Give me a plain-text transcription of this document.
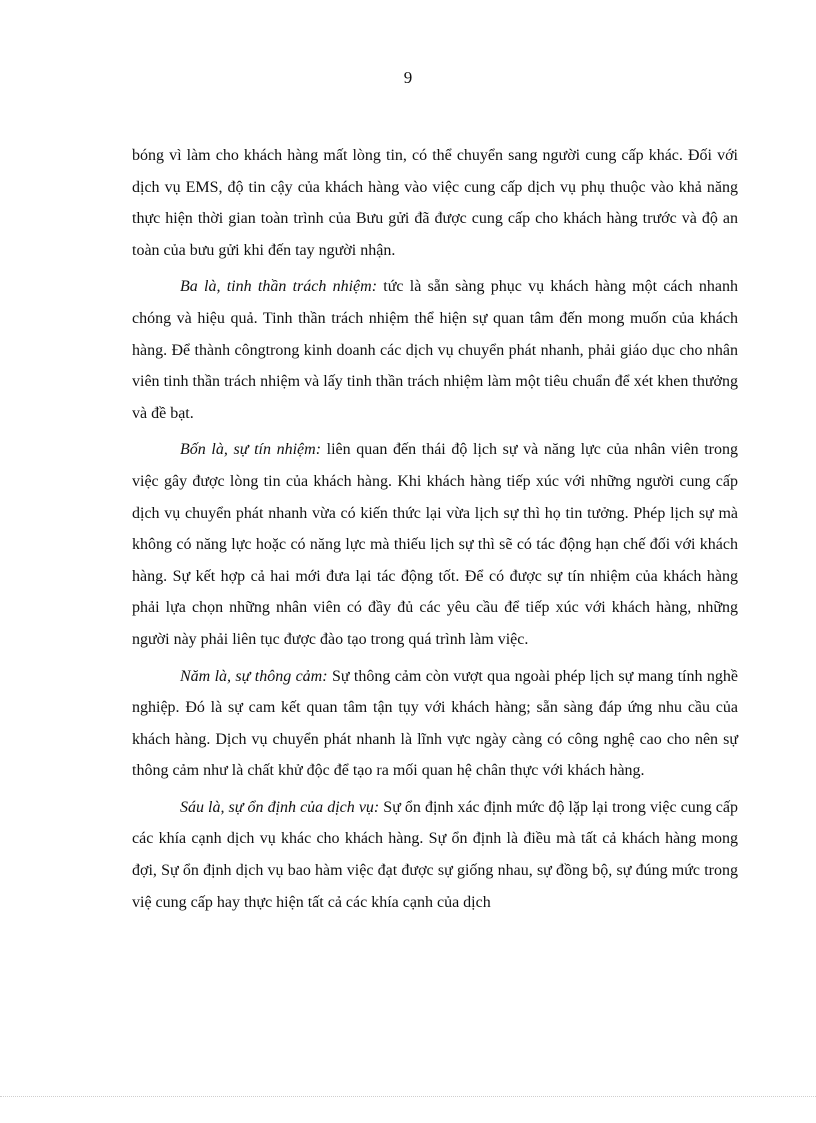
9

bóng vì làm cho khách hàng mất lòng tin, có thể chuyển sang người cung cấp khác. Đối với dịch vụ EMS, độ tin cậy của khách hàng vào việc cung cấp dịch vụ phụ thuộc vào khả năng thực hiện thời gian toàn trình của Bưu gửi đã được cung cấp cho khách hàng trước và độ an toàn của bưu gửi khi đến tay người nhận.

Ba là, tinh thần trách nhiệm: tức là sẵn sàng phục vụ khách hàng một cách nhanh chóng và hiệu quả. Tinh thần trách nhiệm thể hiện sự quan tâm đến mong muốn của khách hàng. Để thành côngtrong kinh doanh các dịch vụ chuyển phát nhanh, phải giáo dục cho nhân viên tinh thần trách nhiệm và lấy tinh thần trách nhiệm làm một tiêu chuẩn để xét khen thưởng và đề bạt.

Bốn là, sự tín nhiệm: liên quan đến thái độ lịch sự và năng lực của nhân viên trong việc gây được lòng tin của khách hàng. Khi khách hàng tiếp xúc với những người cung cấp dịch vụ chuyển phát nhanh vừa có kiến thức lại vừa lịch sự thì họ tin tưởng. Phép lịch sự mà không có năng lực hoặc có năng lực mà thiếu lịch sự thì sẽ có tác động hạn chế đối với khách hàng. Sự kết hợp cả hai mới đưa lại tác động tốt. Để có được sự tín nhiệm của khách hàng phải lựa chọn những nhân viên có đầy đủ các yêu cầu để tiếp xúc với khách hàng, những người này phải liên tục được đào tạo trong quá trình làm việc.

Năm là, sự thông cảm: Sự thông cảm còn vượt qua ngoài phép lịch sự mang tính nghề nghiệp. Đó là sự cam kết quan tâm tận tụy với khách hàng; sẵn sàng đáp ứng nhu cầu của khách hàng. Dịch vụ chuyển phát nhanh là lĩnh vực ngày càng có công nghệ cao cho nên sự thông cảm như là chất khử độc để tạo ra mối quan hệ chân thực với khách hàng.

Sáu là, sự ổn định của dịch vụ: Sự ổn định xác định mức độ lặp lại trong việc cung cấp các khía cạnh dịch vụ khác cho khách hàng. Sự ổn định là điều mà tất cả khách hàng mong đợi, Sự ổn định dịch vụ bao hàm việc đạt được sự giống nhau, sự đồng bộ, sự đúng mức trong việ cung cấp hay thực hiện tất cả các khía cạnh của dịch
